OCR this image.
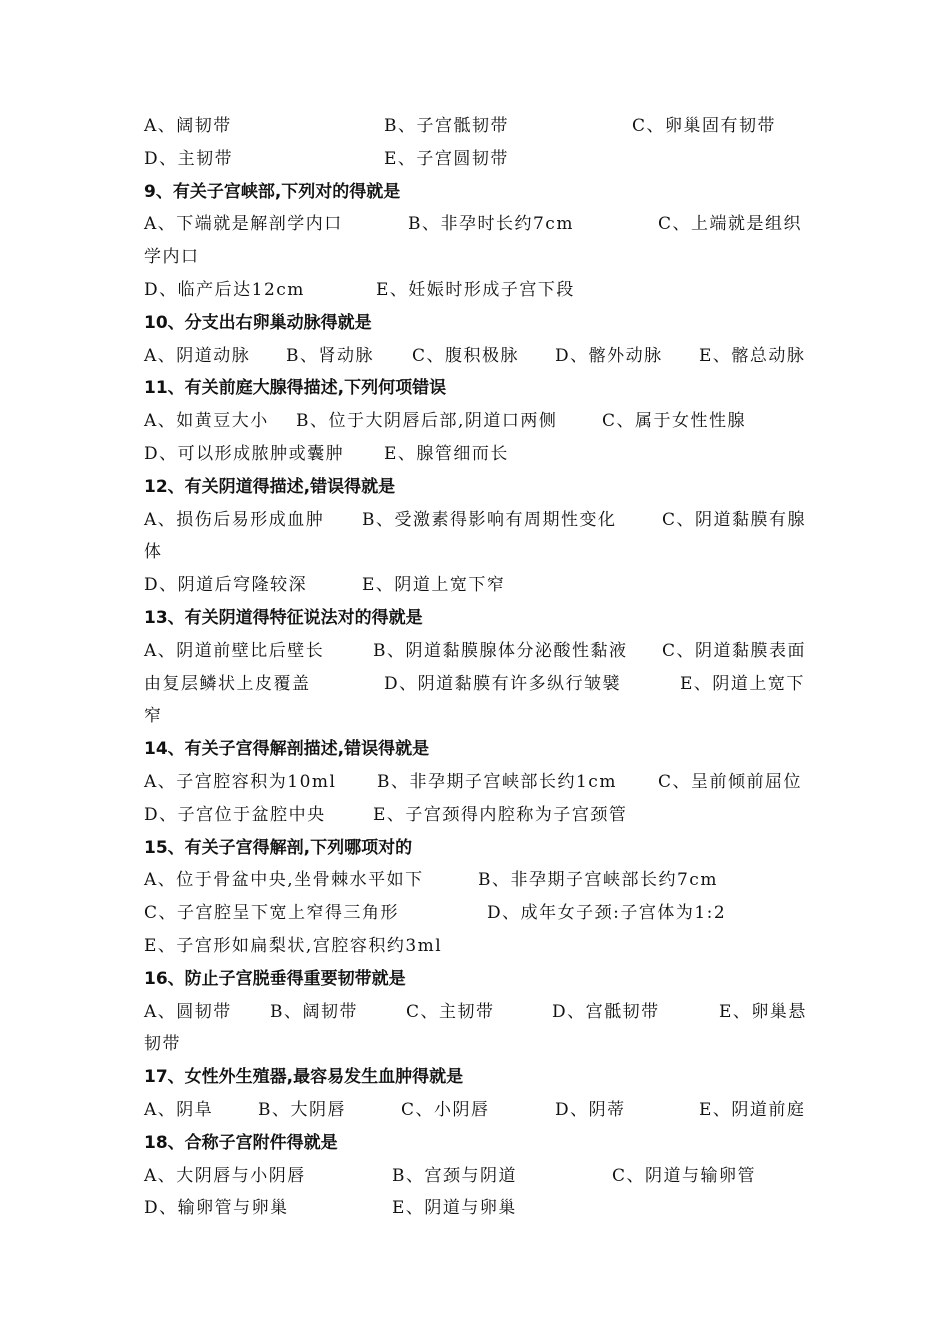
A、阔韧带	B、子宫骶韧带	C、卵巢固有韧带
D、主韧带	E、子宫圆韧带
9、有关子宫峡部,下列对的得就是
A、下端就是解剖学内口	B、非孕时长约7cm	C、上端就是组织
学内口
D、临产后达12cm	E、妊娠时形成子宫下段
10、分支出右卵巢动脉得就是
A、阴道动脉 B、肾动脉 C、腹积极脉 D、髂外动脉 E、髂总动脉
11、有关前庭大腺得描述,下列何项错误
A、如黄豆大小 B、位于大阴唇后部,阴道口两侧	C、属于女性性腺
D、可以形成脓肿或囊肿 E、腺管细而长
12、有关阴道得描述,错误得就是
A、损伤后易形成血肿 B、受激素得影响有周期性变化	C、阴道黏膜有腺
体
D、阴道后穹隆较深	E、阴道上宽下窄
13、有关阴道得特征说法对的得就是
A、阴道前壁比后壁长	B、阴道黏膜腺体分泌酸性黏液 C、阴道黏膜表面
由复层鳞状上皮覆盖	D、阴道黏膜有许多纵行皱襞	E、阴道上宽下
窄
14、有关子宫得解剖描述,错误得就是
A、子宫腔容积为10ml B、非孕期子宫峡部长约1cm C、呈前倾前屈位
D、子宫位于盆腔中央	E、子宫颈得内腔称为子宫颈管
15、有关子宫得解剖,下列哪项对的
A、位于骨盆中央,坐骨棘水平如下	B、非孕期子宫峡部长约7cm
C、子宫腔呈下宽上窄得三角形	D、成年女子颈:子宫体为1:2
E、子宫形如扁梨状,宫腔容积约3ml
16、防止子宫脱垂得重要韧带就是
A、圆韧带 B、阔韧带	C、主韧带	D、宫骶韧带	E、卵巢悬
韧带
17、女性外生殖器,最容易发生血肿得就是
A、阴阜	B、大阴唇	C、小阴唇	D、阴蒂	E、阴道前庭
18、合称子宫附件得就是
A、大阴唇与小阴唇	B、宫颈与阴道	C、阴道与输卵管
D、输卵管与卵巢	E、阴道与卵巢
